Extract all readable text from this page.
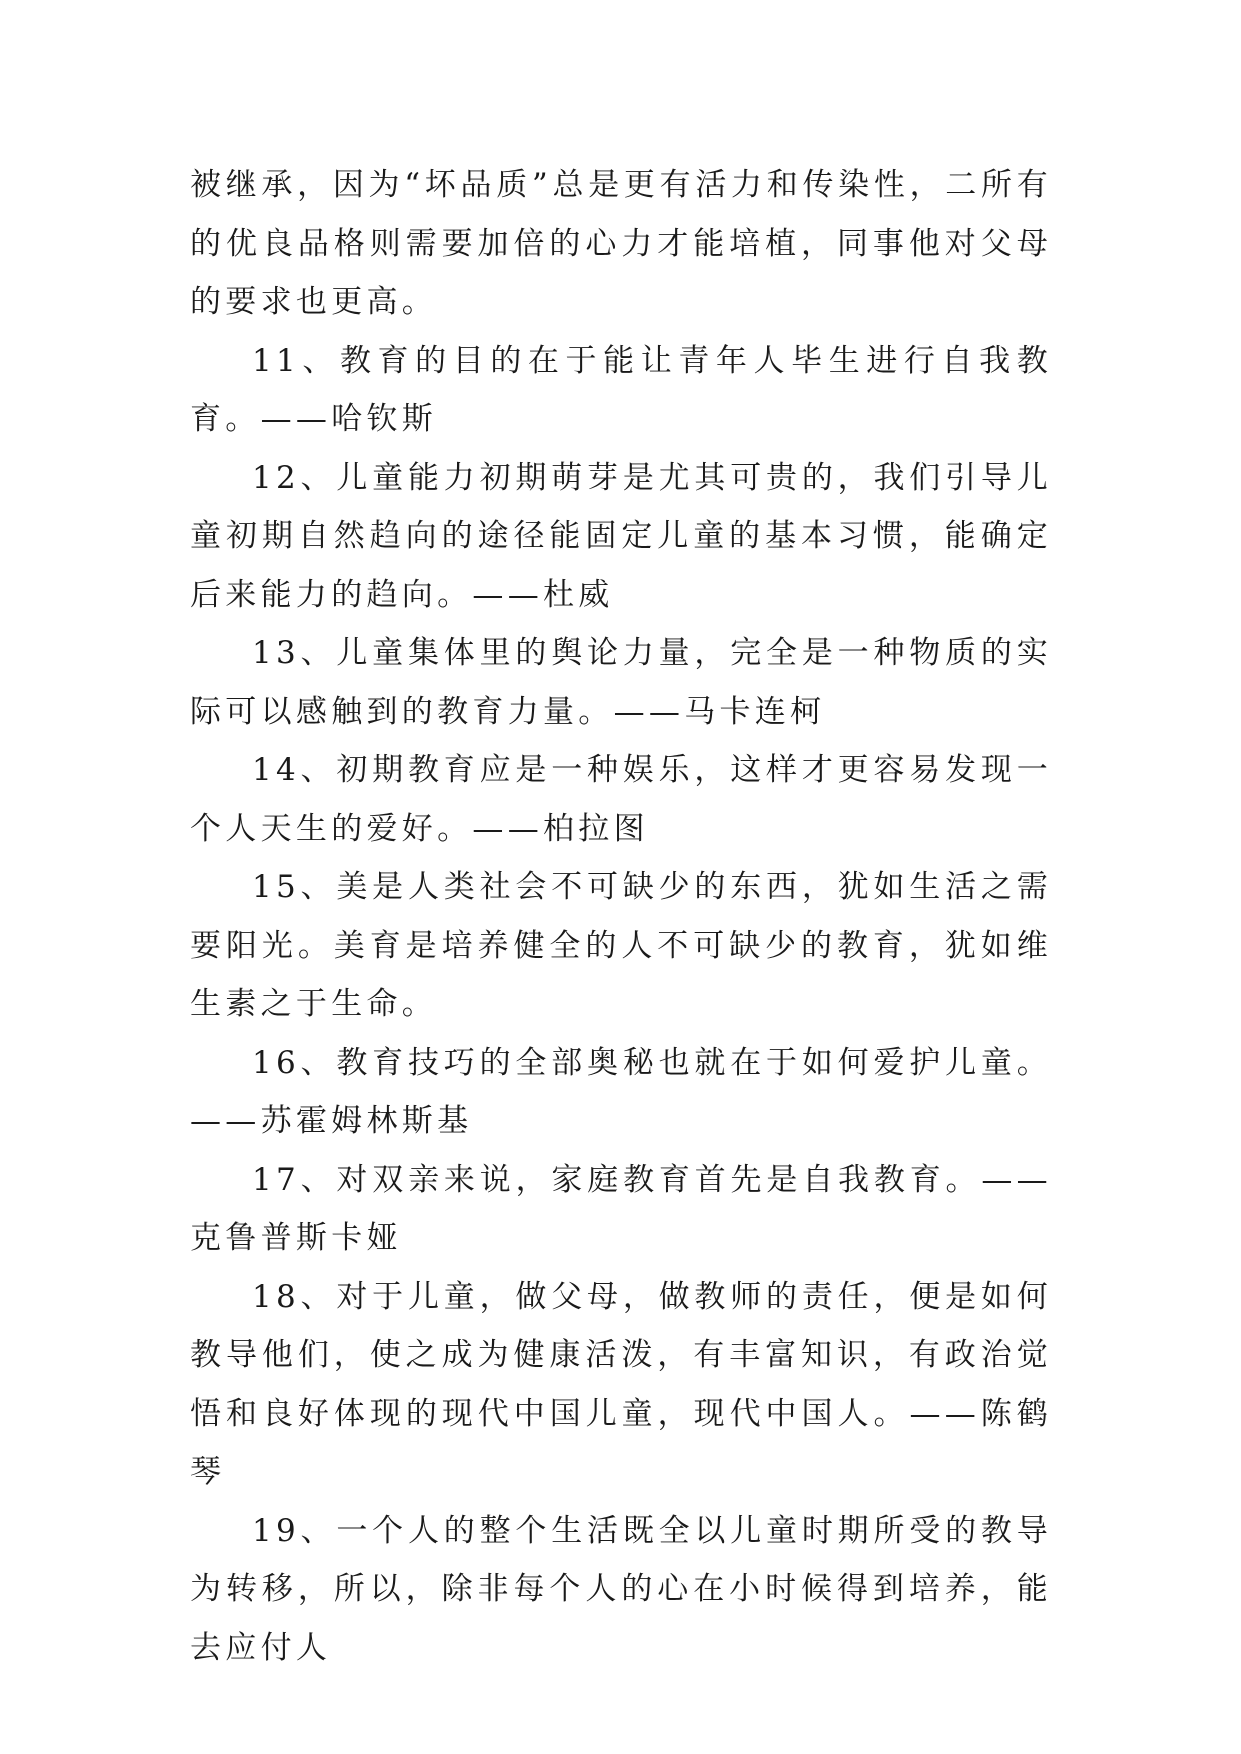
被继承，因为“坏品质”总是更有活力和传染性，二所有的优良品格则需要加倍的心力才能培植，同事他对父母的要求也更高。

11、教育的目的在于能让青年人毕生进行自我教育。——哈钦斯

12、儿童能力初期萌芽是尤其可贵的，我们引导儿童初期自然趋向的途径能固定儿童的基本习惯，能确定后来能力的趋向。——杜威

13、儿童集体里的舆论力量，完全是一种物质的实际可以感触到的教育力量。——马卡连柯

14、初期教育应是一种娱乐，这样才更容易发现一个人天生的爱好。——柏拉图

15、美是人类社会不可缺少的东西，犹如生活之需要阳光。美育是培养健全的人不可缺少的教育，犹如维生素之于生命。

16、教育技巧的全部奥秘也就在于如何爱护儿童。——苏霍姆林斯基

17、对双亲来说，家庭教育首先是自我教育。——克鲁普斯卡娅

18、对于儿童，做父母，做教师的责任，便是如何教导他们，使之成为健康活泼，有丰富知识，有政治觉悟和良好体现的现代中国儿童，现代中国人。——陈鹤琴

19、一个人的整个生活既全以儿童时期所受的教导为转移，所以，除非每个人的心在小时候得到培养，能去应付人
